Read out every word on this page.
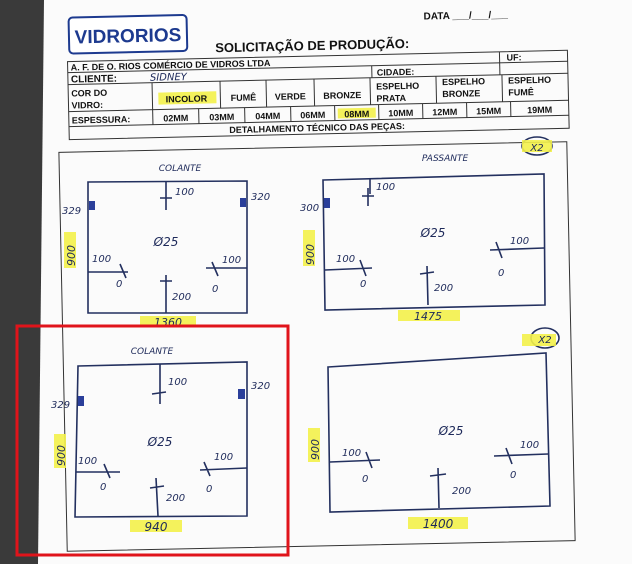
VIDRORIOS
DATA ___/___/___
SOLICITAÇÃO DE PRODUÇÃO:
A. F. DE O. RIOS COMÉRCIO DE VIDROS LTDA
UF:
CLIENTE:	SIDNEY	CIDADE:
COR DO
VIDRO:
INCOLOR	FUMÊ VERDE BRONZE
ESPELHO
PRATA
ESPELHO
BRONZE
ESPELHO
FUMÊ
ESPESSURA:	02MM 03MM 04MM 06MM 08MM 10MM 12MM 15MM	19MM
DETALHAMENTO TÉCNICO DAS PEÇAS:
COLANTE
329
320
100
Ø25
100
0
100
0
200
900
1360
PASSANTE
X2
300
100
Ø25
100
0
100
0
200
900
1475
COLANTE
329
320
100
Ø25
100
0
100
0
200
900
940
X2
Ø25
100
0
100
0
200
900
1400
